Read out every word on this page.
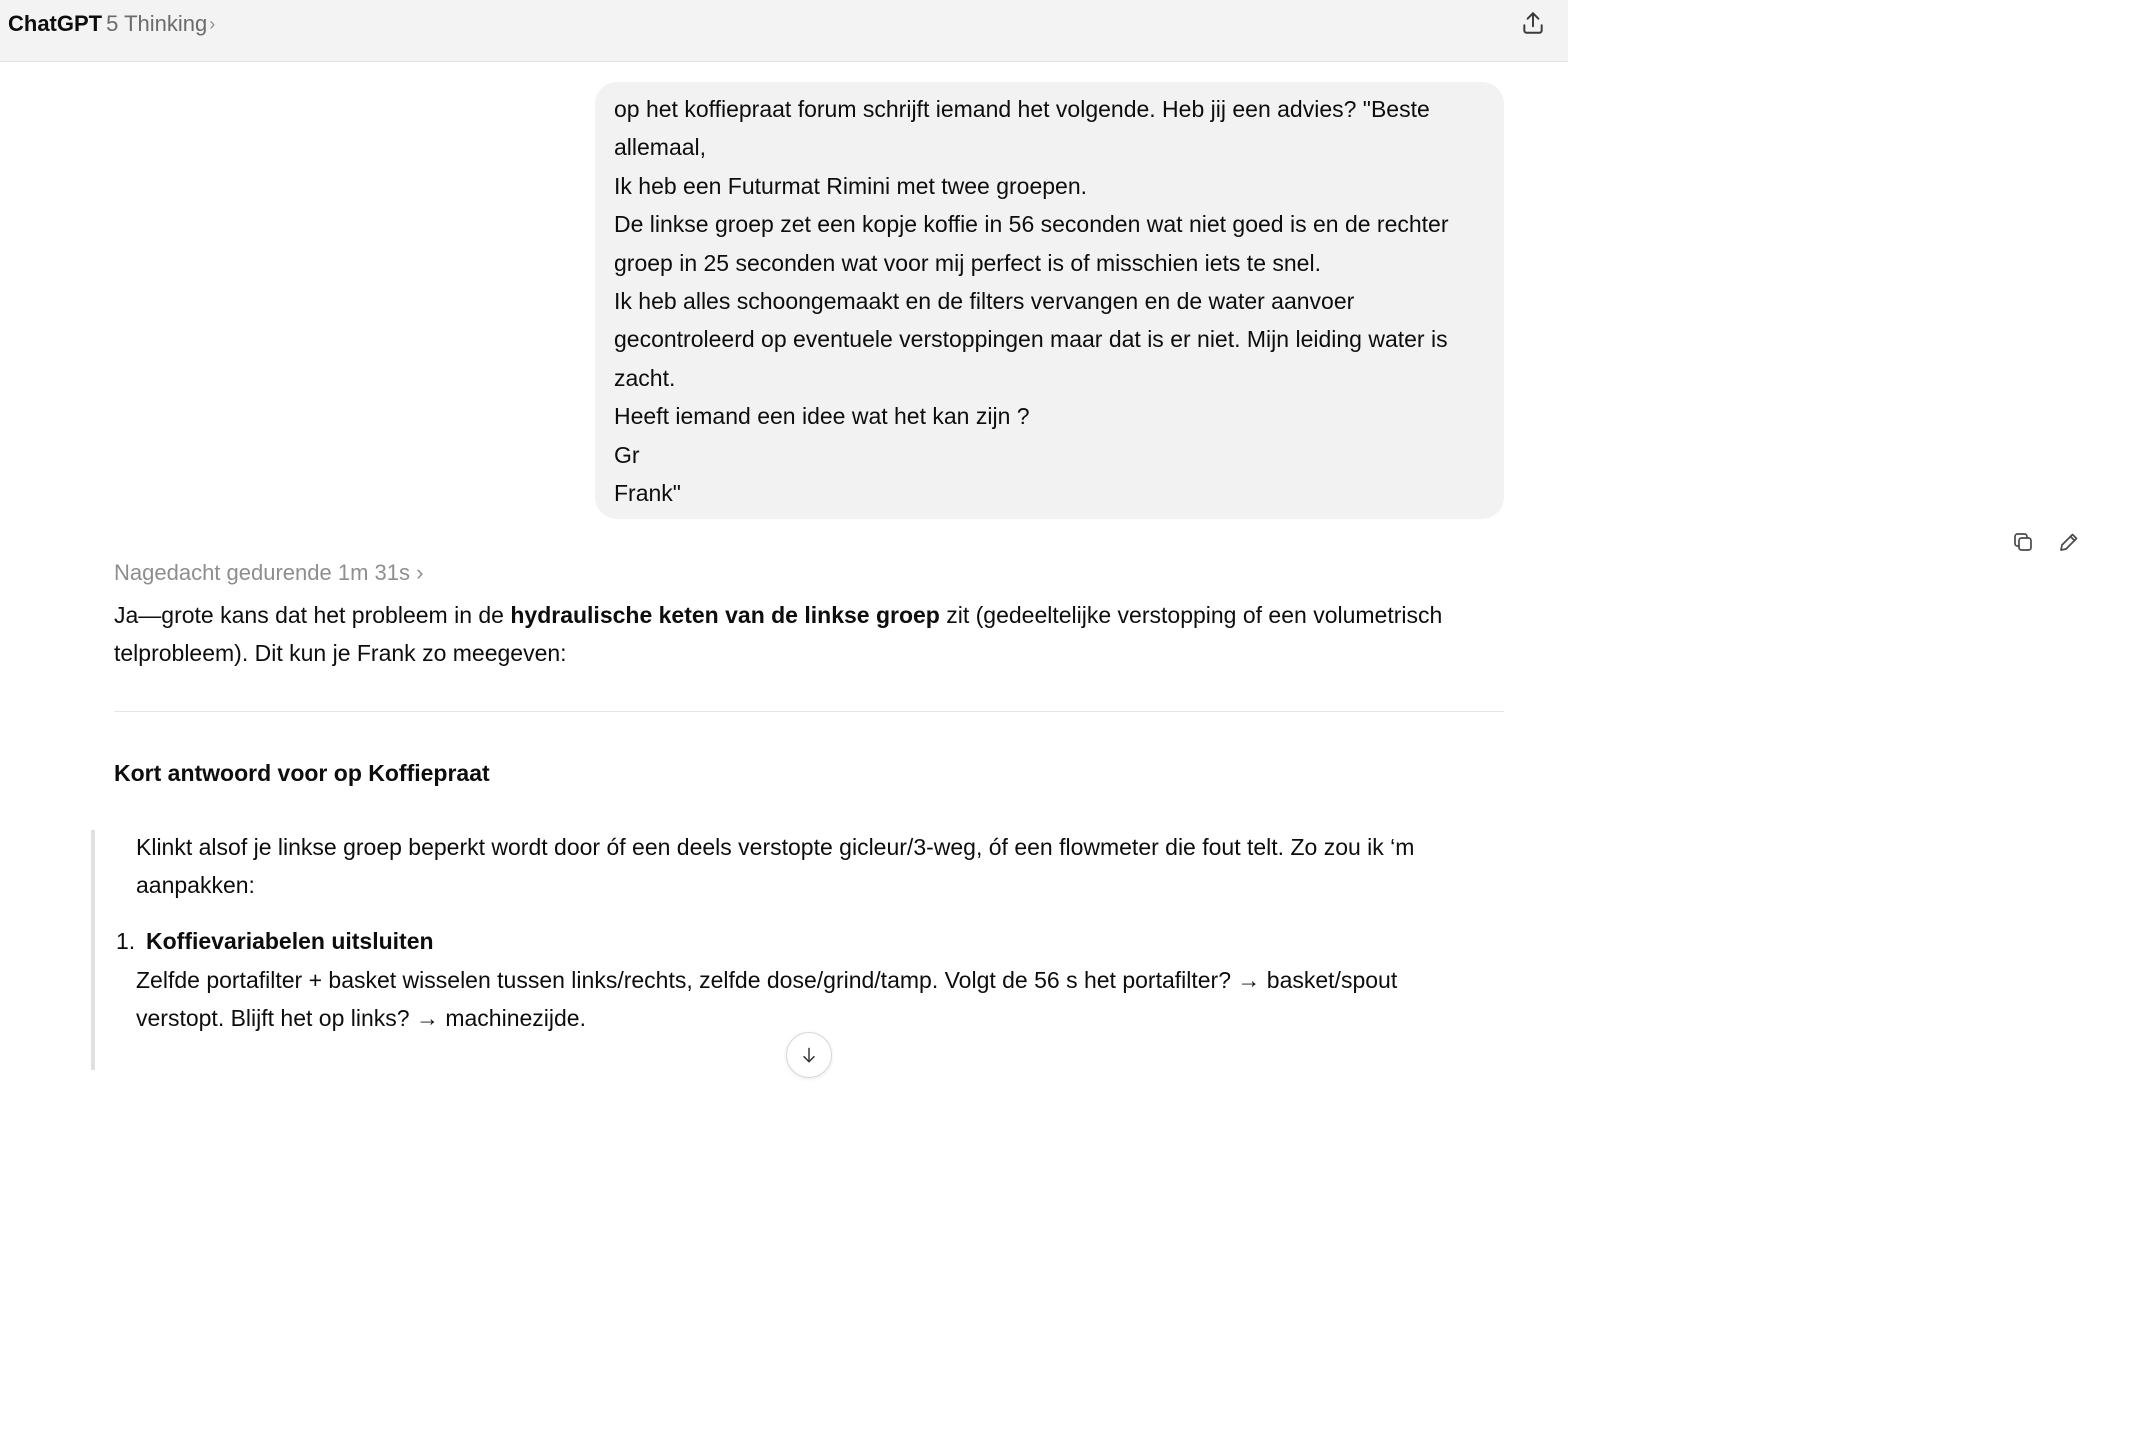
ChatGPT 5 Thinking ›
op het koffiepraat forum schrijft iemand het volgende. Heb jij een advies? "Beste
allemaal,
Ik heb een Futurmat Rimini met twee groepen.
De linkse groep zet een kopje koffie in 56 seconden wat niet goed is en de rechter
groep in 25 seconden wat voor mij perfect is of misschien iets te snel.
Ik heb alles schoongemaakt en de filters vervangen en de water aanvoer
gecontroleerd op eventuele verstoppingen maar dat is er niet. Mijn leiding water is
zacht.
Heeft iemand een idee wat het kan zijn ?
Gr
Frank"
Nagedacht gedurende 1m 31s ›

Ja—grote kans dat het probleem in de hydraulische keten van de linkse groep zit (gedeeltelijke verstopping of een volumetrisch

telprobleem). Dit kun je Frank zo meegeven:

Kort antwoord voor op Koffiepraat

Klinkt alsof je linkse groep beperkt wordt door óf een deels verstopte gicleur/3-weg, óf een flowmeter die fout telt. Zo zou ik ‘m

aanpakken:

1. Koffievariabelen uitsluiten
Zelfde portafilter + basket wisselen tussen links/rechts, zelfde dose/grind/tamp. Volgt de 56 s het portafilter? → basket/spout
verstopt. Blijft het op links? → machinezijde.
